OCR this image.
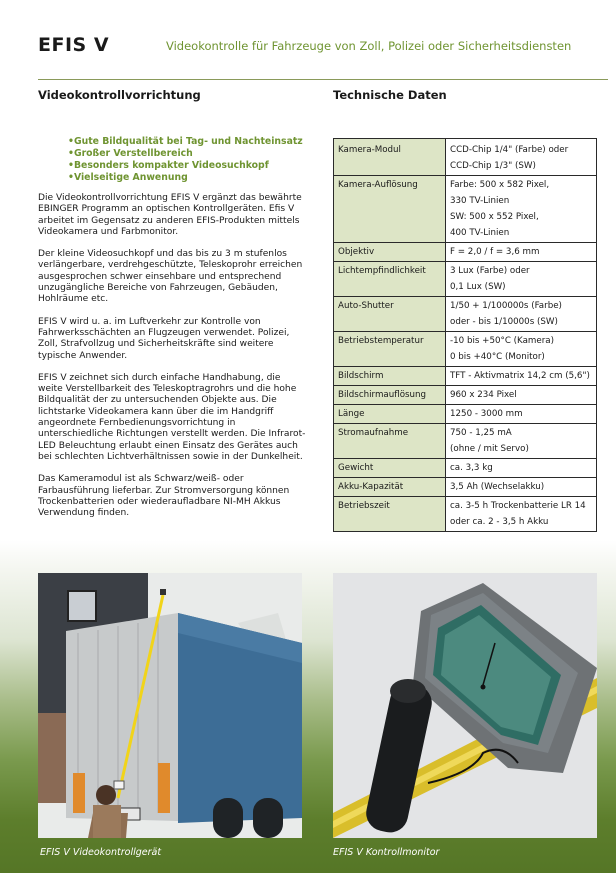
EFIS V	Videokontrolle für Fahrzeuge von Zoll, Polizei oder Sicherheitsdiensten
Videokontrollvorrichtung	Technische Daten
• Gute Bildqualität bei Tag- und Nachteinsatz
• Großer Verstellbereich
• Besonders kompakter Videosuchkopf
• Vielseitige Anwenung

Die Videokontrollvorrichtung EFIS V ergänzt das bewährte EBINGER Programm an optischen Kontrollgeräten. Efis V arbeitet im Gegensatz zu anderen EFIS-Produkten mittels Videokamera und Farbmonitor.

Der kleine Videosuchkopf und das bis zu 3 m stufenlos verlängerbare, verdrehgeschützte, Teleskoprohr erreichen ausgesprochen schwer einsehbare und entsprechend unzugängliche Bereiche von Fahrzeugen, Gebäuden, Hohlräume etc.

EFIS V wird u. a. im Luftverkehr zur Kontrolle von Fahrwerksschächten an Flugzeugen verwendet. Polizei, Zoll, Strafvollzug und Sicherheitskräfte sind weitere typische Anwender.

EFIS V zeichnet sich durch einfache Handhabung, die weite Verstellbarkeit des Teleskoptragrohrs und die hohe Bildqualität der zu untersuchenden Objekte aus. Die lichtstarke Videokamera kann über die im Handgriff angeordnete Fernbedienungsvorrichtung in unterschiedliche Richtungen verstellt werden. Die Infrarot-LED Beleuchtung erlaubt einen Einsatz des Gerätes auch bei schlechten Lichtverhältnissen sowie in der Dunkelheit.

Das Kameramodul ist als Schwarz/weiß- oder Farbausführung lieferbar. Zur Stromversorgung können Trockenbatterien oder wiederaufladbare NI-MH Akkus Verwendung finden.

Kamera-Modul	CCD-Chip 1/4" (Farbe) oder
CCD-Chip 1/3" (SW)

Kamera-Auflösung	Farbe: 500 x 582 Pixel,
330 TV-Linien
SW: 500 x 552 Pixel,
400 TV-Linien

Objektiv	F = 2,0 / f = 3,6 mm

Lichtempfindlichkeit	3 Lux (Farbe) oder
0,1 Lux (SW)

Auto-Shutter	1/50 + 1/100000s (Farbe)
oder - bis 1/10000s (SW)

Betriebstemperatur	-10 bis +50°C (Kamera)
0 bis +40°C (Monitor)

Bildschirm	TFT - Aktivmatrix 14,2 cm (5,6")

Bildschirmauflösung	960 x 234 Pixel

Länge	1250 - 3000 mm

Stromaufnahme	750 - 1,25 mA
(ohne / mit Servo)

Gewicht	ca. 3,3 kg

Akku-Kapazität	3,5 Ah (Wechselakku)

Betriebszeit	ca. 3-5 h Trockenbatterie LR 14
oder ca. 2 - 3,5 h Akku
EFIS V Videokontrollgerät	EFIS V Kontrollmonitor
